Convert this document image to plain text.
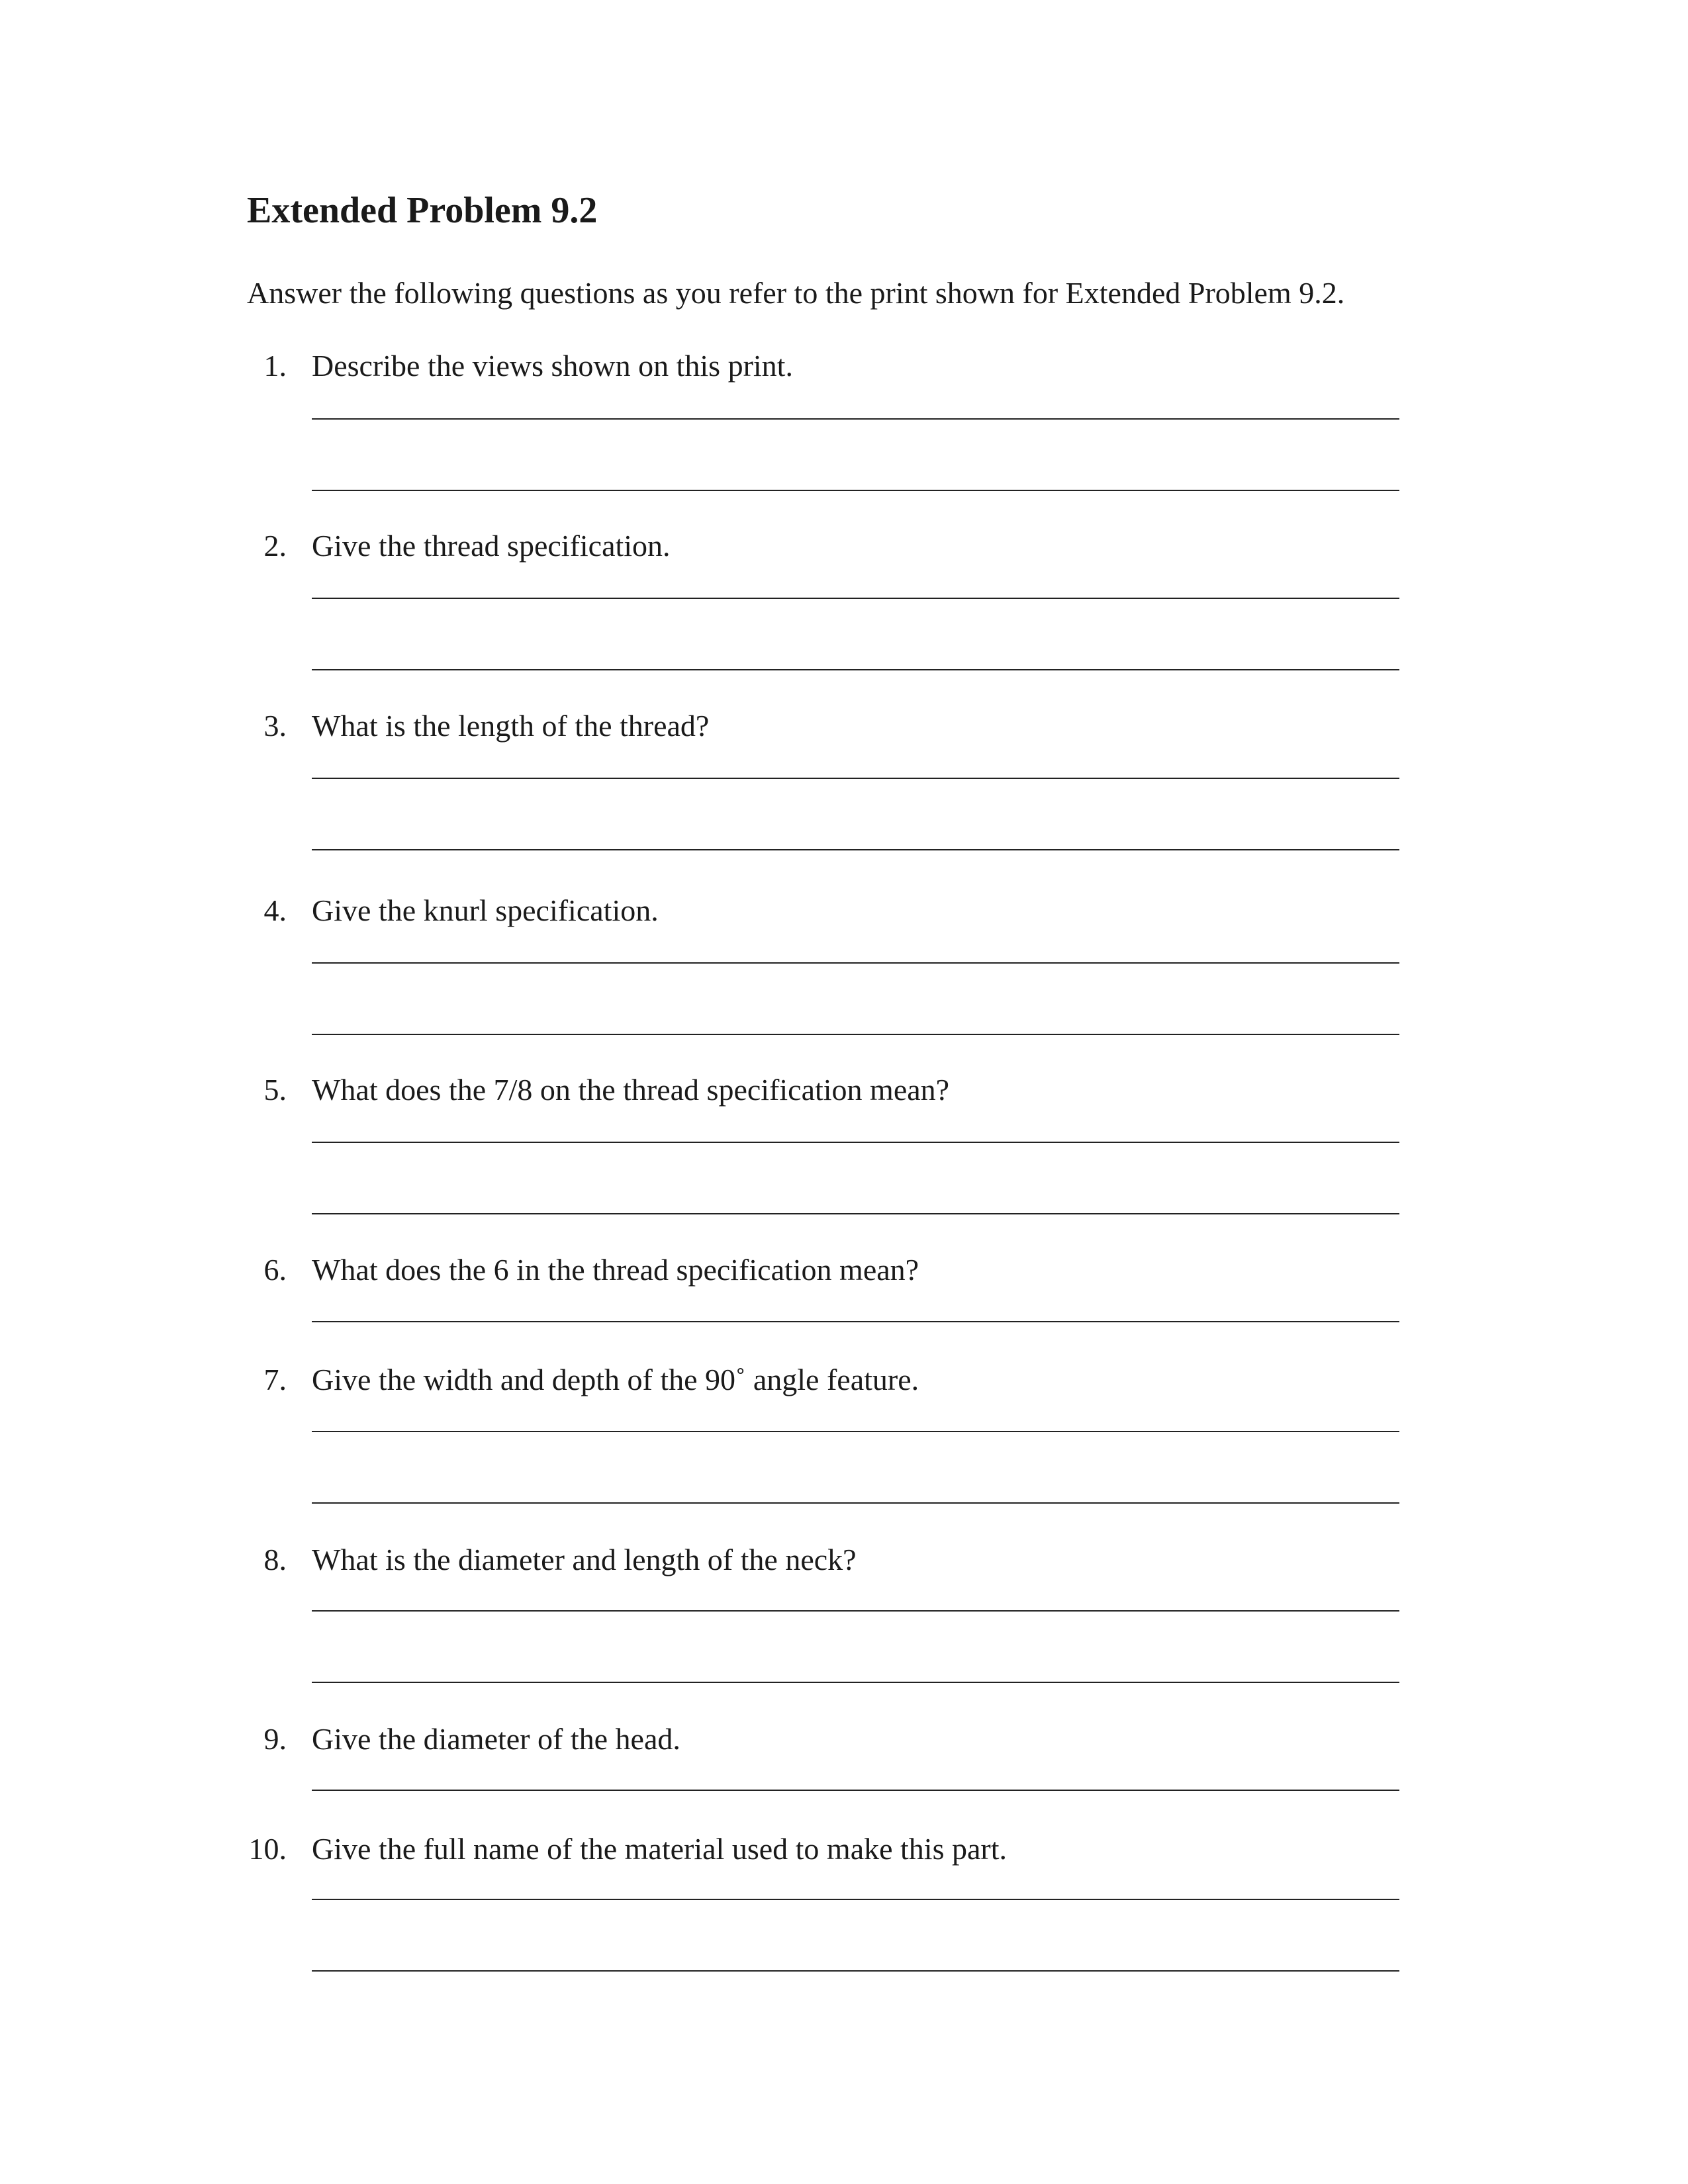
Extended Problem 9.2

Answer the following questions as you refer to the print shown for Extended Problem 9.2.

1. Describe the views shown on this print.
2. Give the thread specification.
3. What is the length of the thread?
4. Give the knurl specification.
5. What does the 7/8 on the thread specification mean?
6. What does the 6 in the thread specification mean?
7. Give the width and depth of the 90˚ angle feature.
8. What is the diameter and length of the neck?
9. Give the diameter of the head.
10. Give the full name of the material used to make this part.
